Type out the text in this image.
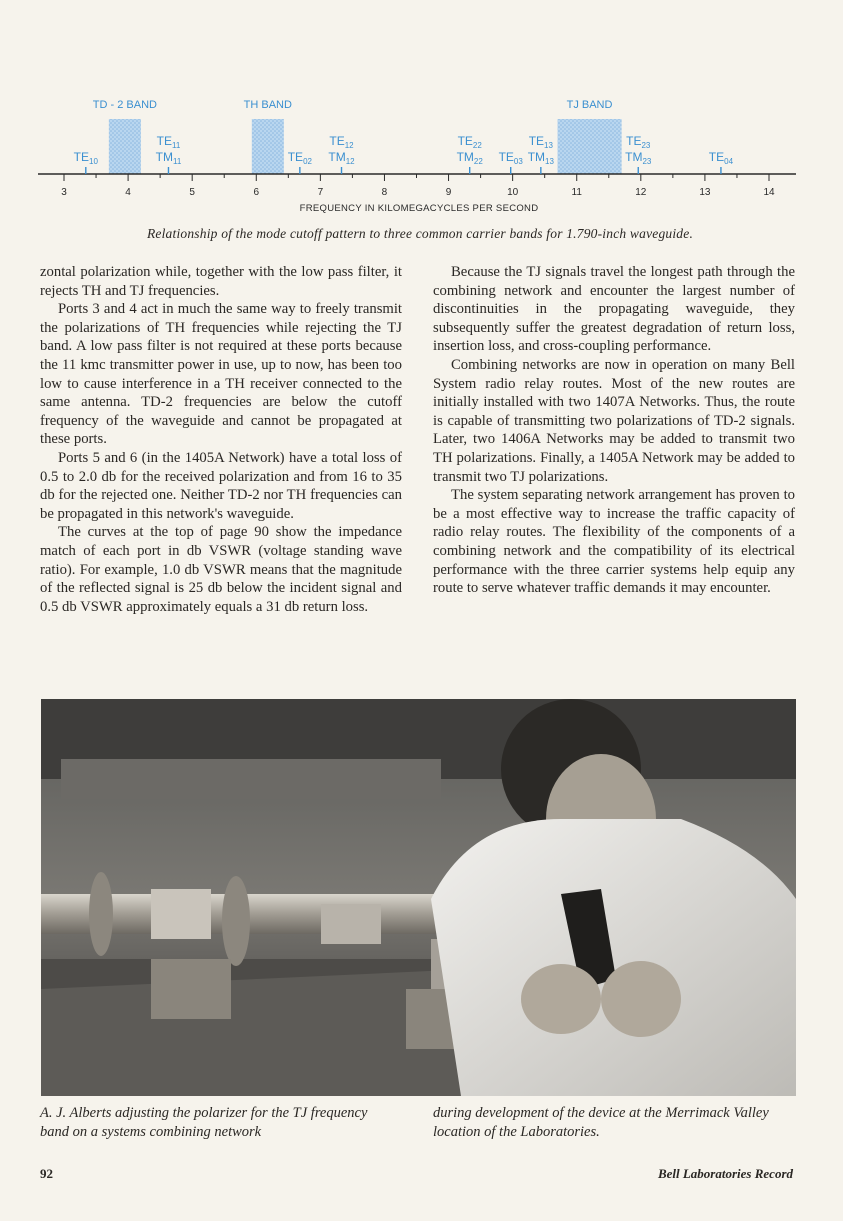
TD - 2 BAND	TH BAND	TJ BAND
3	4	5	6	7	8	9	10	11	12	13	14
$TE_{10}$
$TE_{11}$
$TM_{11}$	$TE_{02}$
$TE_{12}$
$TM_{12}$
$TE_{22}$
$TM_{22}$ $TE_{03}$
$TE_{13}$
$TM_{13}$
$TE_{23}$
$TM_{23}$	$TE_{04}$
FREQUENCY IN KILOMEGACYCLES PER SECOND
Relationship of the mode cutoff pattern to three common carrier bands for 1.790-inch waveguide.

zontal polarization while, together with the low pass filter, it rejects TH and TJ frequencies.

Ports 3 and 4 act in much the same way to freely transmit the polarizations of TH frequencies while rejecting the TJ band. A low pass filter is not required at these ports because the 11 kmc transmitter power in use, up to now, has been too low to cause interference in a TH receiver connected to the same antenna. TD-2 frequencies are below the cutoff frequency of the waveguide and cannot be propagated at these ports.

Ports 5 and 6 (in the 1405A Network) have a total loss of 0.5 to 2.0 db for the received polarization and from 16 to 35 db for the rejected one. Neither TD-2 nor TH frequencies can be propagated in this network's waveguide.

The curves at the top of page 90 show the impedance match of each port in db VSWR (voltage standing wave ratio). For example, 1.0 db VSWR means that the magnitude of the reflected signal is 25 db below the incident signal and 0.5 db VSWR approximately equals a 31 db return loss.

Because the TJ signals travel the longest path through the combining network and encounter the largest number of discontinuities in the propagating waveguide, they subsequently suffer the greatest degradation of return loss, insertion loss, and cross-coupling performance.

Combining networks are now in operation on many Bell System radio relay routes. Most of the new routes are initially installed with two 1407A Networks. Thus, the route is capable of transmitting two polarizations of TD-2 signals. Later, two 1406A Networks may be added to transmit two TH polarizations. Finally, a 1405A Network may be added to transmit two TJ polarizations.

The system separating network arrangement has proven to be a most effective way to increase the traffic capacity of radio relay routes. The flexibility of the components of a combining network and the compatibility of its electrical performance with the three carrier systems help equip any route to serve whatever traffic demands it may encounter.

A. J. Alberts adjusting the polarizer for the TJ frequency band on a systems combining network
during development of the device at the Merrimack Valley location of the Laboratories.
92	Bell Laboratories Record
